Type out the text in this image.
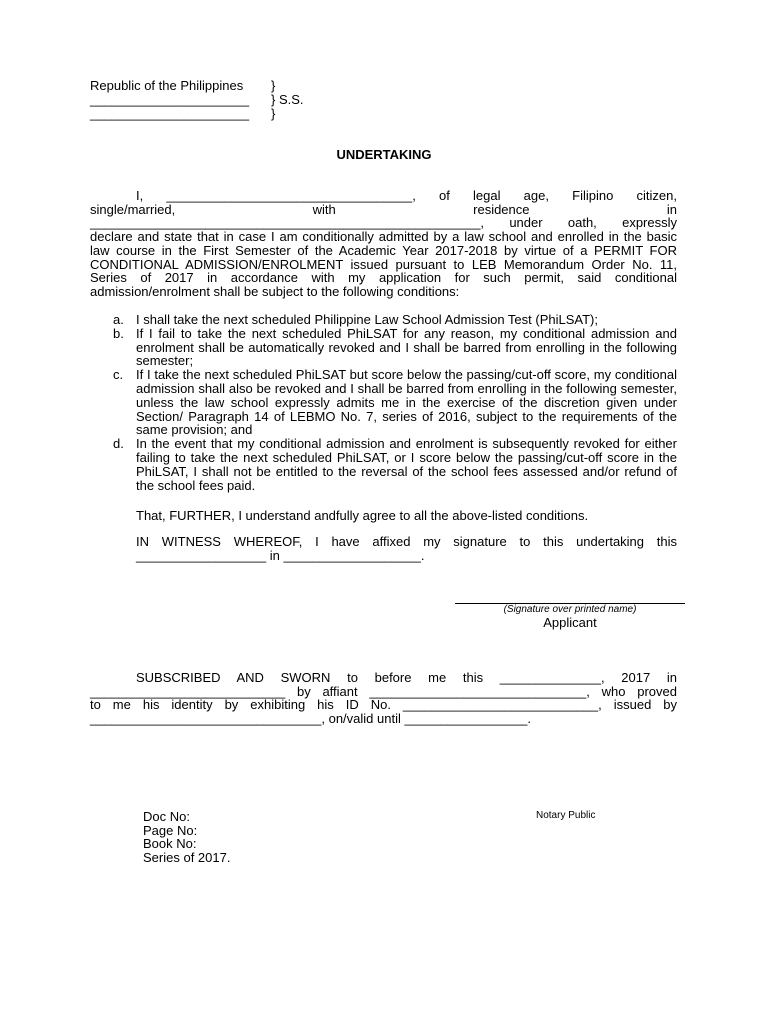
Republic of the Philippines
______________________
______________________
}
} S.S.
}
UNDERTAKING
I, __________________________________, of legal age, Filipino citizen,
single/married, with residence in
______________________________________________________, under oath, expressly
declare and state that in case I am conditionally admitted by a law school and enrolled in the basic law course in the First Semester of the Academic Year 2017-2018 by virtue of a PERMIT FOR CONDITIONAL ADMISSION/ENROLMENT issued pursuant to LEB Memorandum Order No. 11, Series of 2017 in accordance with my application for such permit, said conditional admission/enrolment shall be subject to the following conditions:
a. I shall take the next scheduled Philippine Law School Admission Test (PhiLSAT);
b. If I fail to take the next scheduled PhiLSAT for any reason, my conditional admission and enrolment shall be automatically revoked and I shall be barred from enrolling in the following semester;
c. If I take the next scheduled PhiLSAT but score below the passing/cut-off score, my conditional admission shall also be revoked and I shall be barred from enrolling in the following semester, unless the law school expressly admits me in the exercise of the discretion given under Section/ Paragraph 14 of LEBMO No. 7, series of 2016, subject to the requirements of the same provision; and
d. In the event that my conditional admission and enrolment is subsequently revoked for either failing to take the next scheduled PhiLSAT, or I score below the passing/cut-off score in the PhiLSAT, I shall not be entitled to the reversal of the school fees assessed and/or refund of the school fees paid.
That, FURTHER, I understand andfully agree to all the above-listed conditions.
IN WITNESS WHEREOF, I have affixed my signature to this undertaking this
__________________ in ___________________.
(Signature over printed name)
Applicant
SUBSCRIBED AND SWORN to before me this ______________, 2017 in
___________________________ by affiant ______________________________, who proved
to me his identity by exhibiting his ID No. ___________________________, issued by
________________________________, on/valid until _________________.
Doc No:
Page No:
Book No:
Series of 2017.
Notary Public
